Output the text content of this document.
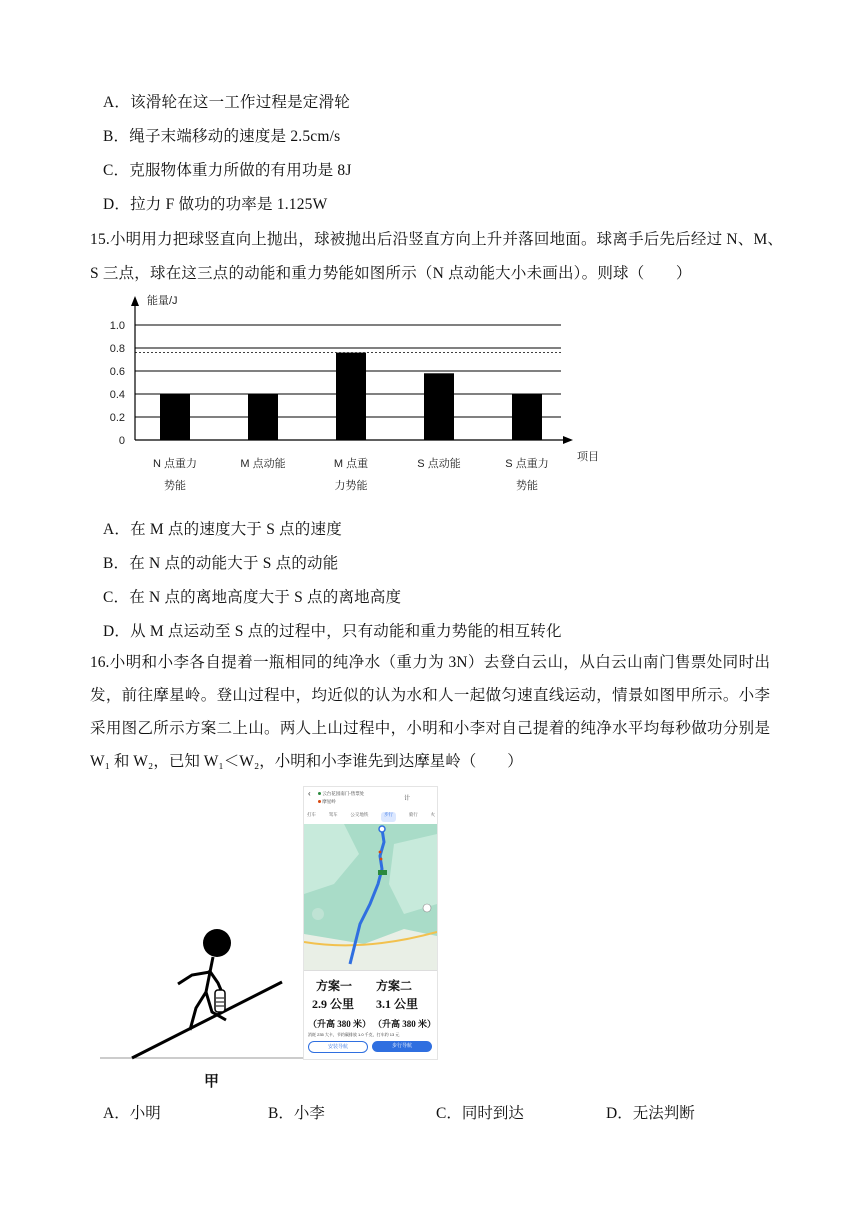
A．该滑轮在这一工作过程是定滑轮
B．绳子末端移动的速度是 2.5cm/s
C．克服物体重力所做的有用功是 8J
D．拉力 F 做功的功率是 1.125W
15.小明用力把球竖直向上抛出，球被抛出后沿竖直方向上升并落回地面。球离手后先后经过 N、M、
S 三点，球在这三点的动能和重力势能如图所示（N 点动能大小未画出）。则球（　　）
0
0.2
0.4
0.6
0.8
1.0
能量/J
项目
N 点重力
势能
M 点动能	M 点重
力势能
S 点动能	S 点重力
势能
A．在 M 点的速度大于 S 点的速度
B．在 N 点的动能大于 S 点的动能
C．在 N 点的离地高度大于 S 点的离地高度
D．从 M 点运动至 S 点的过程中，只有动能和重力势能的相互转化
16.小明和小李各自提着一瓶相同的纯净水（重力为 3N）去登白云山，从白云山南门售票处同时出发，前往摩星岭。登山过程中，均近似的认为水和人一起做匀速直线运动，情景如图甲所示。小李采用图乙所示方案二上山。两人上山过程中，小明和小李对自己提着的纯净水平均每秒做功分别是 W₁ 和 W₂，已知 W₁＜W₂，小明和小李谁先到达摩星岭（　　）
甲
‹	云台花园南门-售票处
摩星岭	计
打车	驾车	公交地铁	步行	骑行	火
方案一 方案二
2.9 公里 3.1 公里
（升高 380 米） （升高 380 米）
消耗 235 大卡，节约碳排放 1.0 千克，打车约 13 元
安装导航	步行导航
A．小明	B．小李	C．同时到达	D．无法判断
